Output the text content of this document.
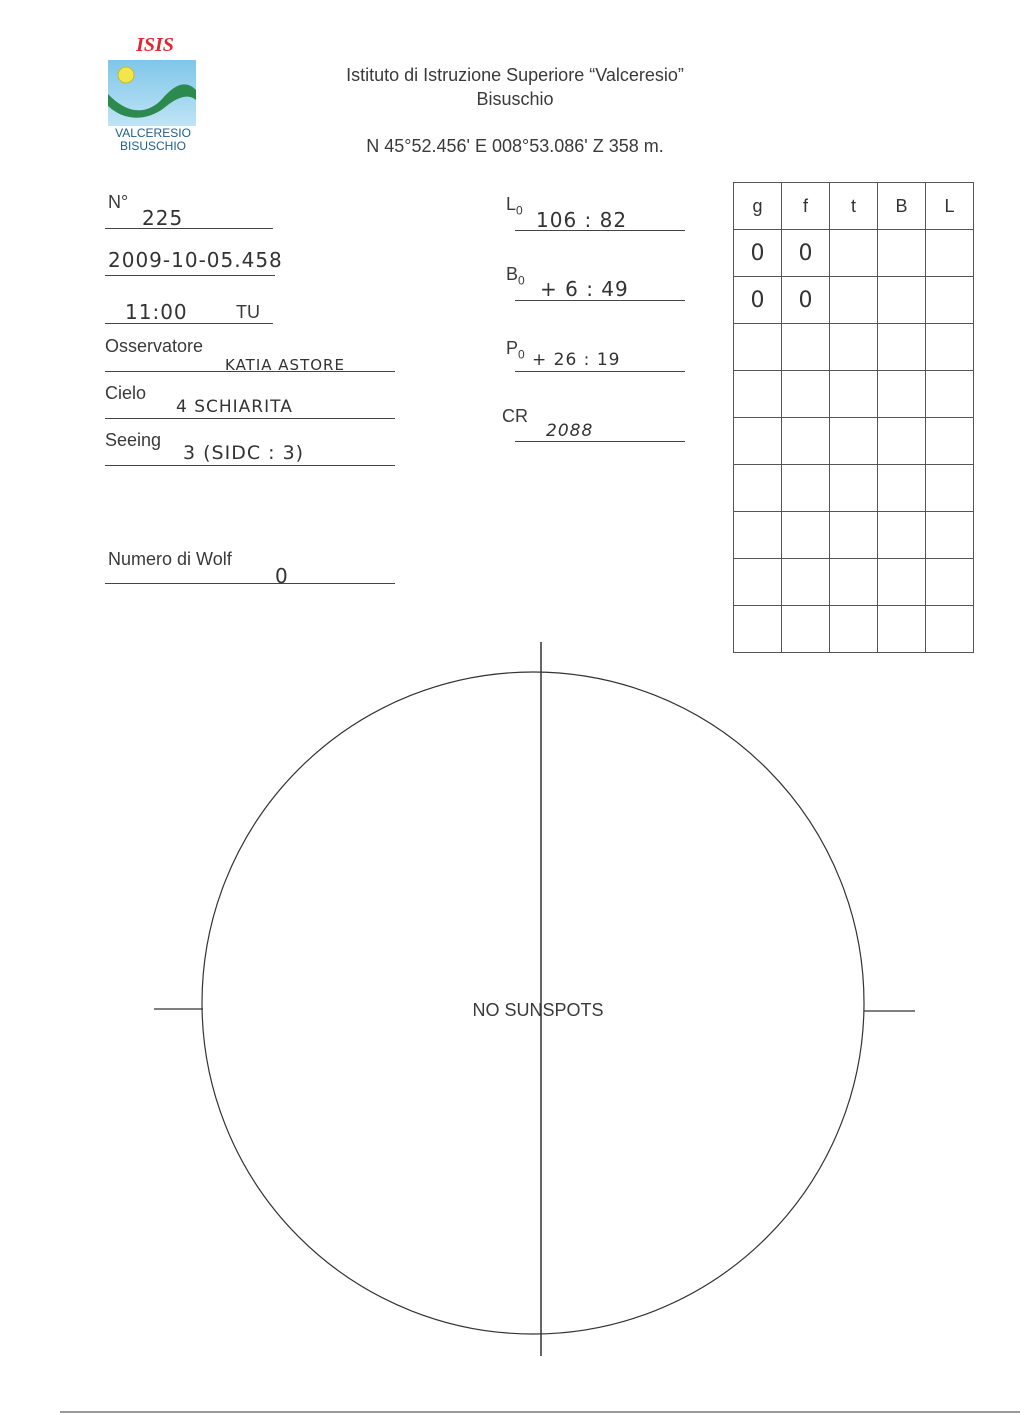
ISIS
VALCERESIO
BISUSCHIO
Istituto di Istruzione Superiore “Valceresio”
Bisuschio
N 45°52.456' E 008°53.086' Z 358 m.
N°
225
2009-10-05.458
11:00	TU
Osservatore
KATIA ASTORE
Cielo
4 SCHIARITA
Seeing
3 (SIDC : 3)
Numero di Wolf
0
$L_0$ 106 : 82
$B_0 + 6$ : 49
$P_0 + 26$ : 19
CR
2088
g	f	t	B	L
0	0			
0	0			

NO SUNSPOTS
